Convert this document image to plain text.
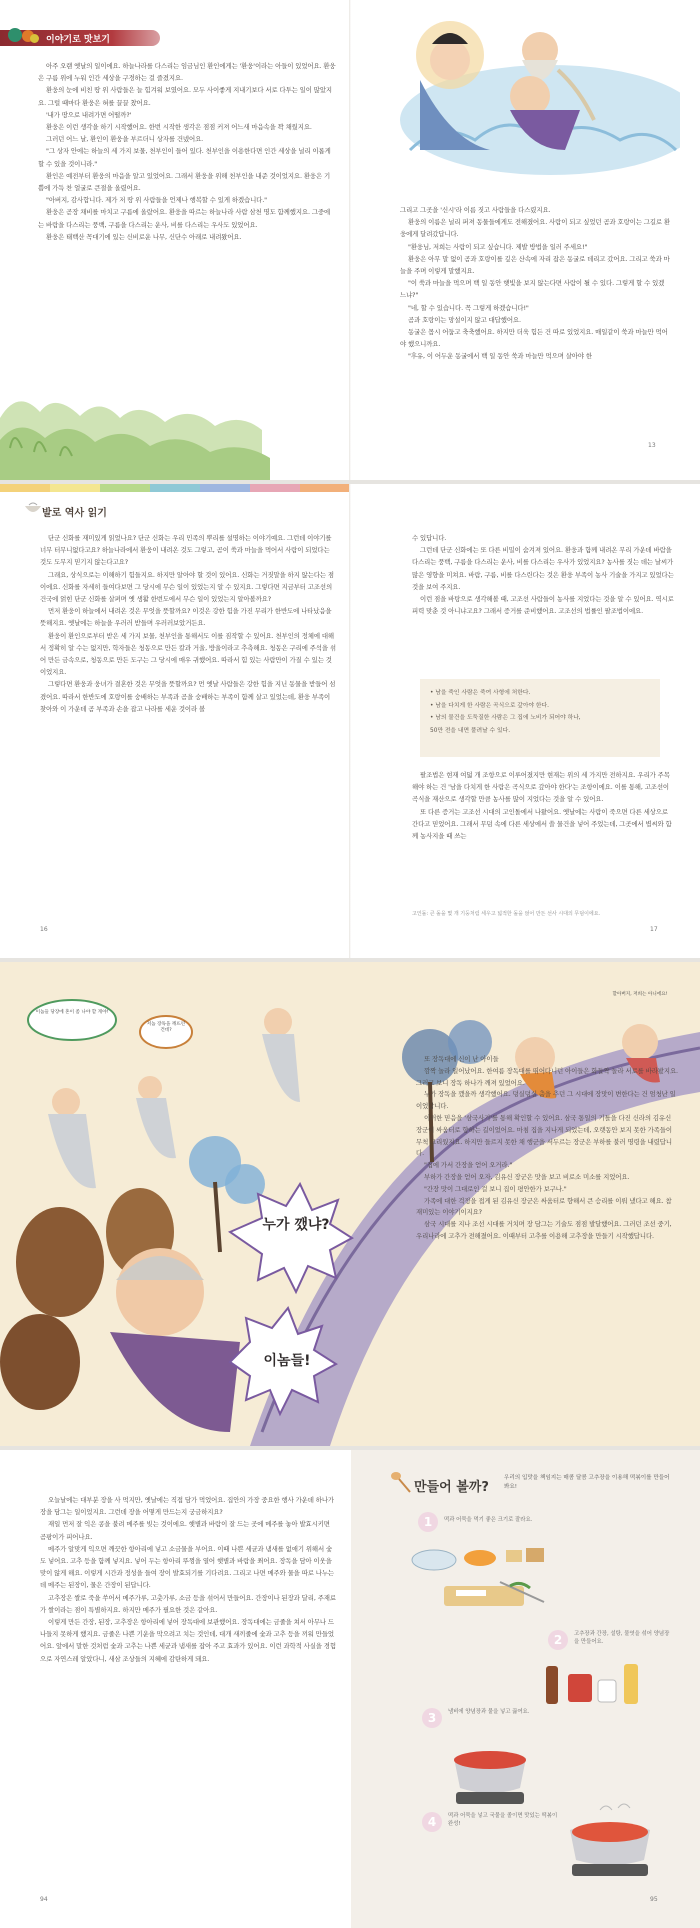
이야기로 맛보기

아주 오랜 옛날의 일이에요. 하늘나라를 다스리는 임금님인 환인에게는 '환웅'이라는 아들이 있었어요. 환웅은 구름 위에 누워 인간 세상을 구경하는 걸 즐겼지요.

환웅의 눈에 비친 땅 위 사람들은 늘 힘겨워 보였어요. 모두 사이좋게 지내기보다 서로 다투는 일이 많았지요. 그럴 때마다 환웅은 혀를 끌끌 찼어요.

'내가 땅으로 내려가면 어떨까?'

환웅은 이런 생각을 하기 시작했어요. 한번 시작한 생각은 점점 커져 어느새 마음속을 꽉 채웠지요.

그러던 어느 날, 환인이 환웅을 부르더니 상자를 건넸어요.

"그 상자 안에는 하늘의 세 가지 보물, 천부인이 들어 있다. 천부인을 이용한다면 인간 세상을 널리 이롭게 할 수 있을 것이니라."

환인은 예전부터 환웅의 마음을 알고 있었어요. 그래서 환웅을 위해 천부인을 내준 것이었지요. 환웅은 기쁨에 가득 찬 얼굴로 큰절을 올렸어요.

"아버지, 감사합니다. 제가 저 땅 위 사람들을 언제나 행복할 수 있게 하겠습니다."

환웅은 곧장 채비를 마치고 구름에 올랐어요. 환웅을 따르는 하늘나라 사람 삼천 명도 함께했지요. 그중에는 바람을 다스리는 풍백, 구름을 다스리는 운사, 비를 다스리는 우사도 있었어요.

환웅은 태백산 꼭대기에 있는 신비로운 나무, 신단수 아래로 내려왔어요.

그리고 그곳을 '신시'라 이름 짓고 사람들을 다스렸지요.

환웅의 이름은 널리 퍼져 동물들에게도 전해졌어요. 사람이 되고 싶었던 곰과 호랑이는 그길로 환웅에게 달려갔답니다.

"환웅님, 저희는 사람이 되고 싶습니다. 제발 방법을 일러 주세요!"

환웅은 아무 말 없이 곰과 호랑이를 깊은 산속에 자리 잡은 동굴로 데리고 갔어요. 그리고 쑥과 마늘을 주며 이렇게 말했지요.

"이 쑥과 마늘을 먹으며 백 일 동안 햇빛을 보지 않는다면 사람이 될 수 있다. 그렇게 할 수 있겠느냐?"

"네, 할 수 있습니다. 꼭 그렇게 하겠습니다!"

곰과 호랑이는 망설이지 않고 대답했어요.

동굴은 몹시 어둡고 축축했어요. 하지만 더욱 힘든 건 따로 있었지요. 매일같이 쑥과 마늘만 먹어야 했으니까요.

"후유, 이 어두운 동굴에서 백 일 동안 쑥과 마늘만 먹으며 살아야 한

13
발로 역사 읽기

단군 신화를 재미있게 읽었나요? 단군 신화는 우리 민족의 뿌리를 설명하는 이야기예요. 그런데 이야기를 너무 터무니없다고요? 하늘나라에서 환웅이 내려온 것도 그렇고, 곰이 쑥과 마늘을 먹어서 사람이 되었다는 것도 도무지 믿기지 않는다고요?

그래요, 상식으로는 이해하기 힘들지요. 하지만 알아야 할 것이 있어요. 신화는 거짓말을 하지 않는다는 점이에요. 신화를 자세히 들여다보면 그 당시에 무슨 일이 있었는지 알 수 있지요. 그렇다면 지금부터 고조선의 건국에 얽힌 단군 신화를 살펴며 옛 생활 한번도에서 무슨 일이 있었는지 알아볼까요?

먼저 환웅이 하늘에서 내려온 것은 무엇을 뜻할까요? 이것은 강한 힘을 가진 무리가 한반도에 나타났음을 뜻해지요. 옛날에는 하늘을 우러러 받들며 우러러보았거든요.

환웅이 환인으로부터 받은 세 가지 보물, 천부인을 통해서도 이를 짐작할 수 있어요. 천부인의 정체에 대해서 정확히 알 수는 없지만, 학자들은 청동으로 만든 칼과 거울, 방울이라고 추측해요. 청동은 구리에 주석을 섞어 만든 금속으로, 청동으로 만든 도구는 그 당시에 매우 귀했어요. 따라서 힘 있는 사람만이 가질 수 있는 것이었지요.

그렇다면 환웅과 웅녀가 결혼한 것은 무엇을 뜻할까요? 먼 옛날 사람들은 강한 힘을 지닌 동물을 받들어 섬겼어요. 따라서 한반도에 호랑이를 숭배하는 부족과 곰을 숭배하는 부족이 함께 살고 있었는데, 환웅 부족이 찾아와 이 가운데 곰 부족과 손을 잡고 나라를 세운 것이라 볼

16

수 있답니다.

그런데 단군 신화에는 또 다른 비밀이 숨겨져 있어요. 환웅과 함께 내려온 무리 가운데 바람을 다스리는 풍백, 구름을 다스리는 운사, 비를 다스리는 우사가 있었지요? 농사를 짓는 데는 날씨가 많은 영향을 미쳐요. 바람, 구름, 비를 다스린다는 것은 환웅 부족이 농사 기술을 가지고 있었다는 것을 보여 주지요.

이런 점을 바탕으로 생각해볼 때, 고조선 사람들이 농사를 지었다는 것을 알 수 있어요. 역시로 피력 맞춘 것 아니냐고요? 그래서 증거를 준비했어요. 고조선의 법률인 팔조법이에요.

• 남을 죽인 사람은 죽여 사형에 처한다.
• 남을 다치게 한 사람은 곡식으로 갚아야 한다.
• 남의 물건을 도둑질한 사람은 그 집에 노비가 되어야 하나,
50만 전을 내면 풀려날 수 있다.

팔조법은 현재 여덟 개 조항으로 이루어졌지만 현재는 위의 세 가지만 전하지요. 우리가 주목해야 하는 건 '남을 다치게 한 사람은 곡식으로 갚아야 한다'는 조항이에요. 이를 통해, 고조선이 곡식을 재산으로 생각할 만큼 농사를 많이 지었다는 것을 알 수 있어요.

또 다른 증거는 고조선 시대의 고인돌에서 나왔어요. 옛날에는 사람이 죽으면 다른 세상으로 간다고 믿었어요. 그래서 무덤 속에 다른 세상에서 쓸 물건을 넣어 주었는데, 그곳에서 볍씨와 함께 농사지을 때 쓰는

고인돌: 큰 돌을 몇 개 기둥처럼 세우고 넓적한 돌을 얹어 만든 선사 시대의 무덤이에요.
17
이놈들 당장에 혼이 좀 나야 할 게야!
저놈 장독을 깨뜨린 건데?
할아버지, 저희는 아니에요!
누가 깼냐?
이놈들!

또 장독대에 신이 난 아이들

깜짝 놀라 일어났어요. 한여름 장독대를 뛰어다니던 아이들은 화들짝 놀라 서로를 바라봤지요. 그러고 보니 장독 하나가 깨져 있었어요.

누가 장독을 깼을까 생각했어요. 덩실덩실 춤을 추던 그 시대에 장맛이 변한다는 건 엄청난 일이었답니다.

이러한 믿음을 '삼국사기'를 통해 확인할 수 있어요. 삼국 통일의 기틀을 다진 신라의 김유신 장군이 싸움터로 향하는 길이었어요. 마침 집을 지나게 되었는데, 오랫동안 보지 못한 가족들이 무척 그리웠지요. 하지만 들르지 못한 채 행군을 서두르는 장군은 부하를 불러 명령을 내렸답니다.

"집에 가서 간장을 얻어 오거라."

부하가 간장을 얻어 오자, 김유신 장군은 맛을 보고 비로소 미소를 지었어요.

"간장 맛이 그대로인 걸 보니 집이 평안한가 보구나."

가족에 대한 걱정을 접게 된 김유신 장군은 싸움터로 향해서 큰 승리를 이뤄 냈다고 해요. 참 재미있는 이야기이지요?

삼국 시대를 지나 조선 시대를 거치며 장 담그는 기술도 점점 발달했어요. 그러던 조선 중기, 우리나라에 고추가 전해졌어요. 이때부터 고추를 이용해 고추장을 만들기 시작했답니다.

오늘날에는 대부분 장을 사 먹지만, 옛날에는 직접 담가 먹었어요. 집안의 가장 중요한 행사 가운데 하나가 장을 담그는 일이었지요. 그런데 장을 어떻게 만드는지 궁금하지요?

재일 먼저 잘 익은 콩을 불려 메주를 빚는 것이에요. 햇볕과 바람이 잘 드는 곳에 메주를 놓아 발효시키면 곰팡이가 피어나요.

메주가 알맞게 익으면 깨끗한 항아리에 넣고 소금물을 부어요. 이때 나쁜 세균과 냄새를 없애기 위해서 숯도 넣어요. 고추 등을 함께 넣지요. 넣어 두는 항아리 뚜껑을 열어 햇볕과 바람을 쬐어요. 장독을 담아 이웃을 맞이 않게 해요. 이렇게 시간과 정성을 들여 장이 발효되기를 기다려요. 그리고 나면 메주와 물을 따로 나누는데 메주는 된장이, 물은 간장이 된답니다.

고추장은 쌀로 죽을 쑤어서 메주가루, 고춧가루, 소금 등을 섞어서 만들어요. 간장이나 된장과 달리, 주재료가 쌀이라는 점이 특별하지요. 하지만 메주가 필요한 것은 같아요.

이렇게 만든 간장, 된장, 고추장은 항아리에 넣어 장독대에 보관했어요. 장독대에는 금줄을 쳐서 아무나 드나들지 못하게 했지요. 금줄은 나쁜 기운을 막으려고 치는 것인데, 대개 새끼줄에 숯과 고추 등을 끼워 만들었어요. 앞에서 말한 것처럼 숯과 고추는 나쁜 세균과 냄새를 잡아 주고 효과가 있어요. 이런 과학적 사실을 경험으로 자연스레 알았다니, 새삼 조상들의 지혜에 감탄하게 돼요.

94
만들어 볼까?
우리의 입맛을 책임지는 매콤 달콤 고추장을 이용해 떡볶이를 만들어 봐요!
1	떡과 어묵을 먹기 좋은 크기로 잘라요.
2	고추장과 간장, 설탕, 물엿을 섞어 양념장을 만들어요.
3	냄비에 양념장과 물을 넣고 끓여요.
4	떡과 어묵을 넣고 국물을 졸이면 맛있는 떡볶이 완성!
95
